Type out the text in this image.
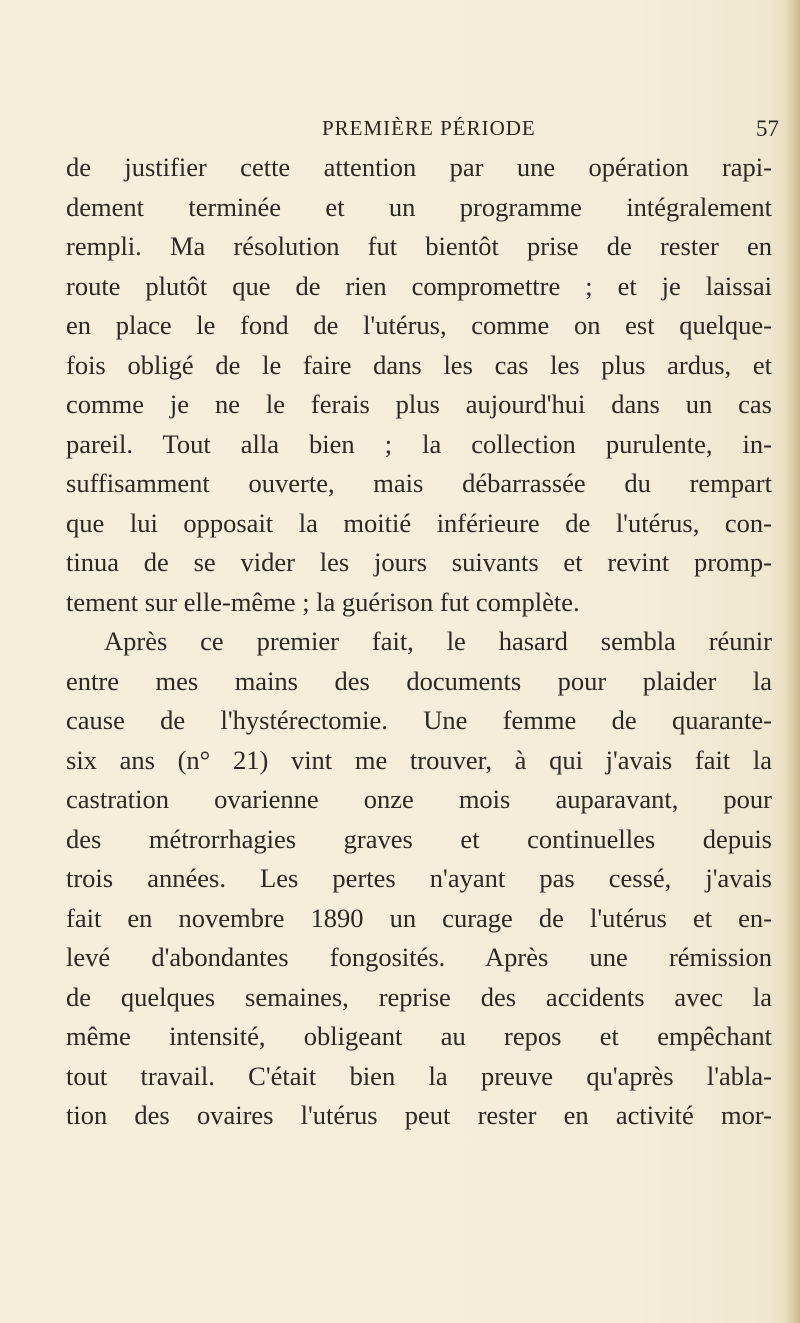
PREMIÈRE PÉRIODE	57
de justifier cette attention par une opération rapi-
dement terminée et un programme intégralement
rempli. Ma résolution fut bientôt prise de rester en
route plutôt que de rien compromettre ; et je laissai
en place le fond de l'utérus, comme on est quelque-
fois obligé de le faire dans les cas les plus ardus, et
comme je ne le ferais plus aujourd'hui dans un cas
pareil. Tout alla bien ; la collection purulente, in-
suffisamment ouverte, mais débarrassée du rempart
que lui opposait la moitié inférieure de l'utérus, con-
tinua de se vider les jours suivants et revint promp-
tement sur elle-même ; la guérison fut complète.
Après ce premier fait, le hasard sembla réunir
entre mes mains des documents pour plaider la
cause de l'hystérectomie. Une femme de quarante-
six ans (n° 21) vint me trouver, à qui j'avais fait la
castration ovarienne onze mois auparavant, pour
des métrorrhagies graves et continuelles depuis
trois années. Les pertes n'ayant pas cessé, j'avais
fait en novembre 1890 un curage de l'utérus et en-
levé d'abondantes fongosités. Après une rémission
de quelques semaines, reprise des accidents avec la
même intensité, obligeant au repos et empêchant
tout travail. C'était bien la preuve qu'après l'abla-
tion des ovaires l'utérus peut rester en activité mor-
